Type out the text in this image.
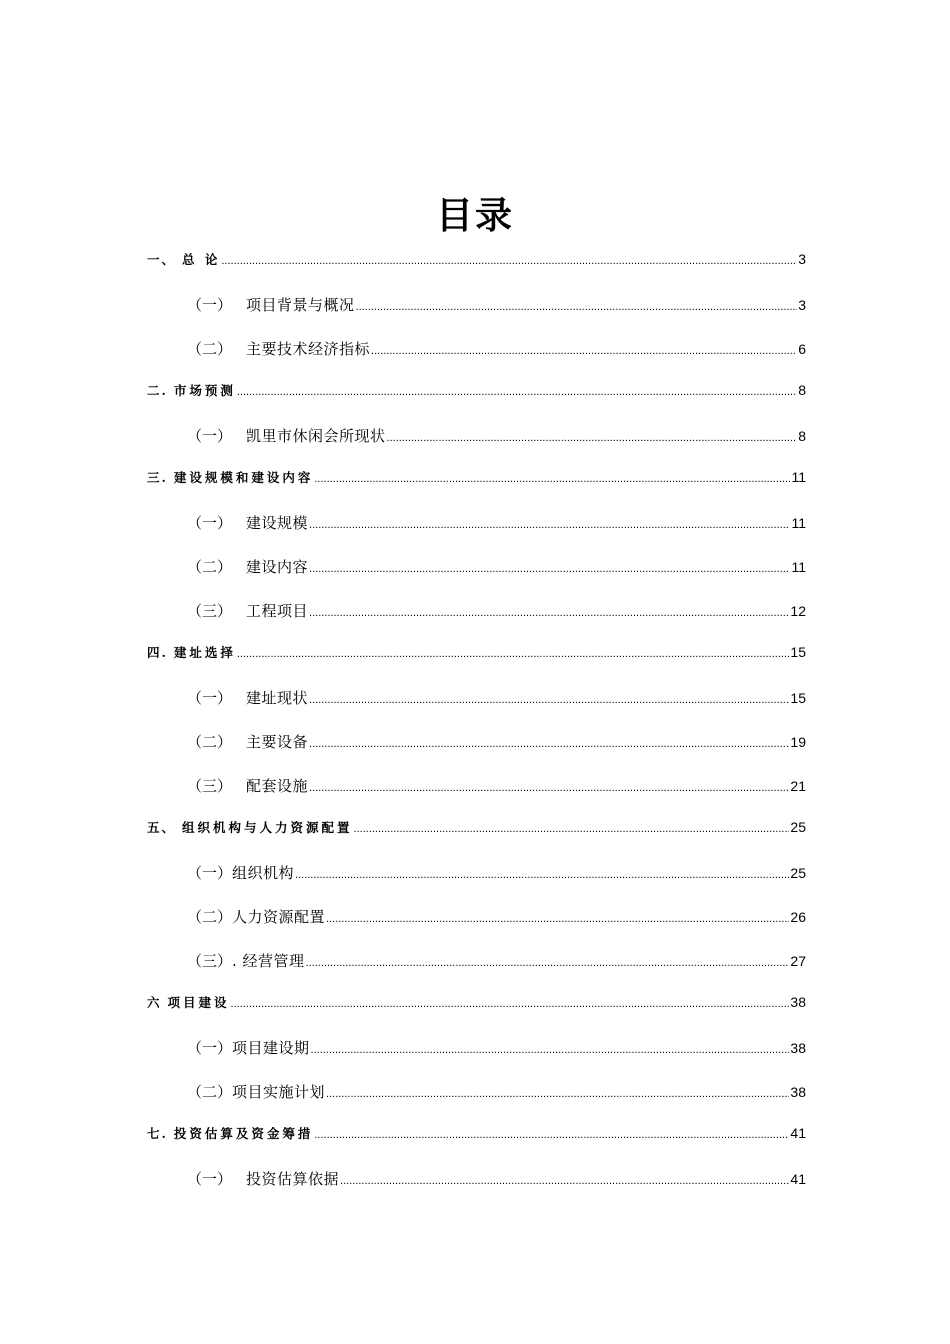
目录
一、 总 论 .....	3
（一） 项目背景与概况 .....	3
（二） 主要技术经济指标 .....	6
二. 市场预测 .....	8
（一） 凯里市休闲会所现状 .....	8
三. 建设规模和建设内容 .....	11
（一） 建设规模 .....	11
（二） 建设内容 .....	11
（三） 工程项目 .....	12
四. 建址选择 .....	15
（一） 建址现状 .....	15
（二） 主要设备 .....	19
（三） 配套设施 .....	21
五、 组织机构与人力资源配置 .....	25
（一） 组织机构 .....	25
（二） 人力资源配置 .....	26
（三） . 经营管理 .....	27
六 项目建设 .....	38
（一） 项目建设期 .....	38
（二） 项目实施计划 .....	38
七. 投资估算及资金筹措 .....	41
（一） 投资估算依据 .....	41
